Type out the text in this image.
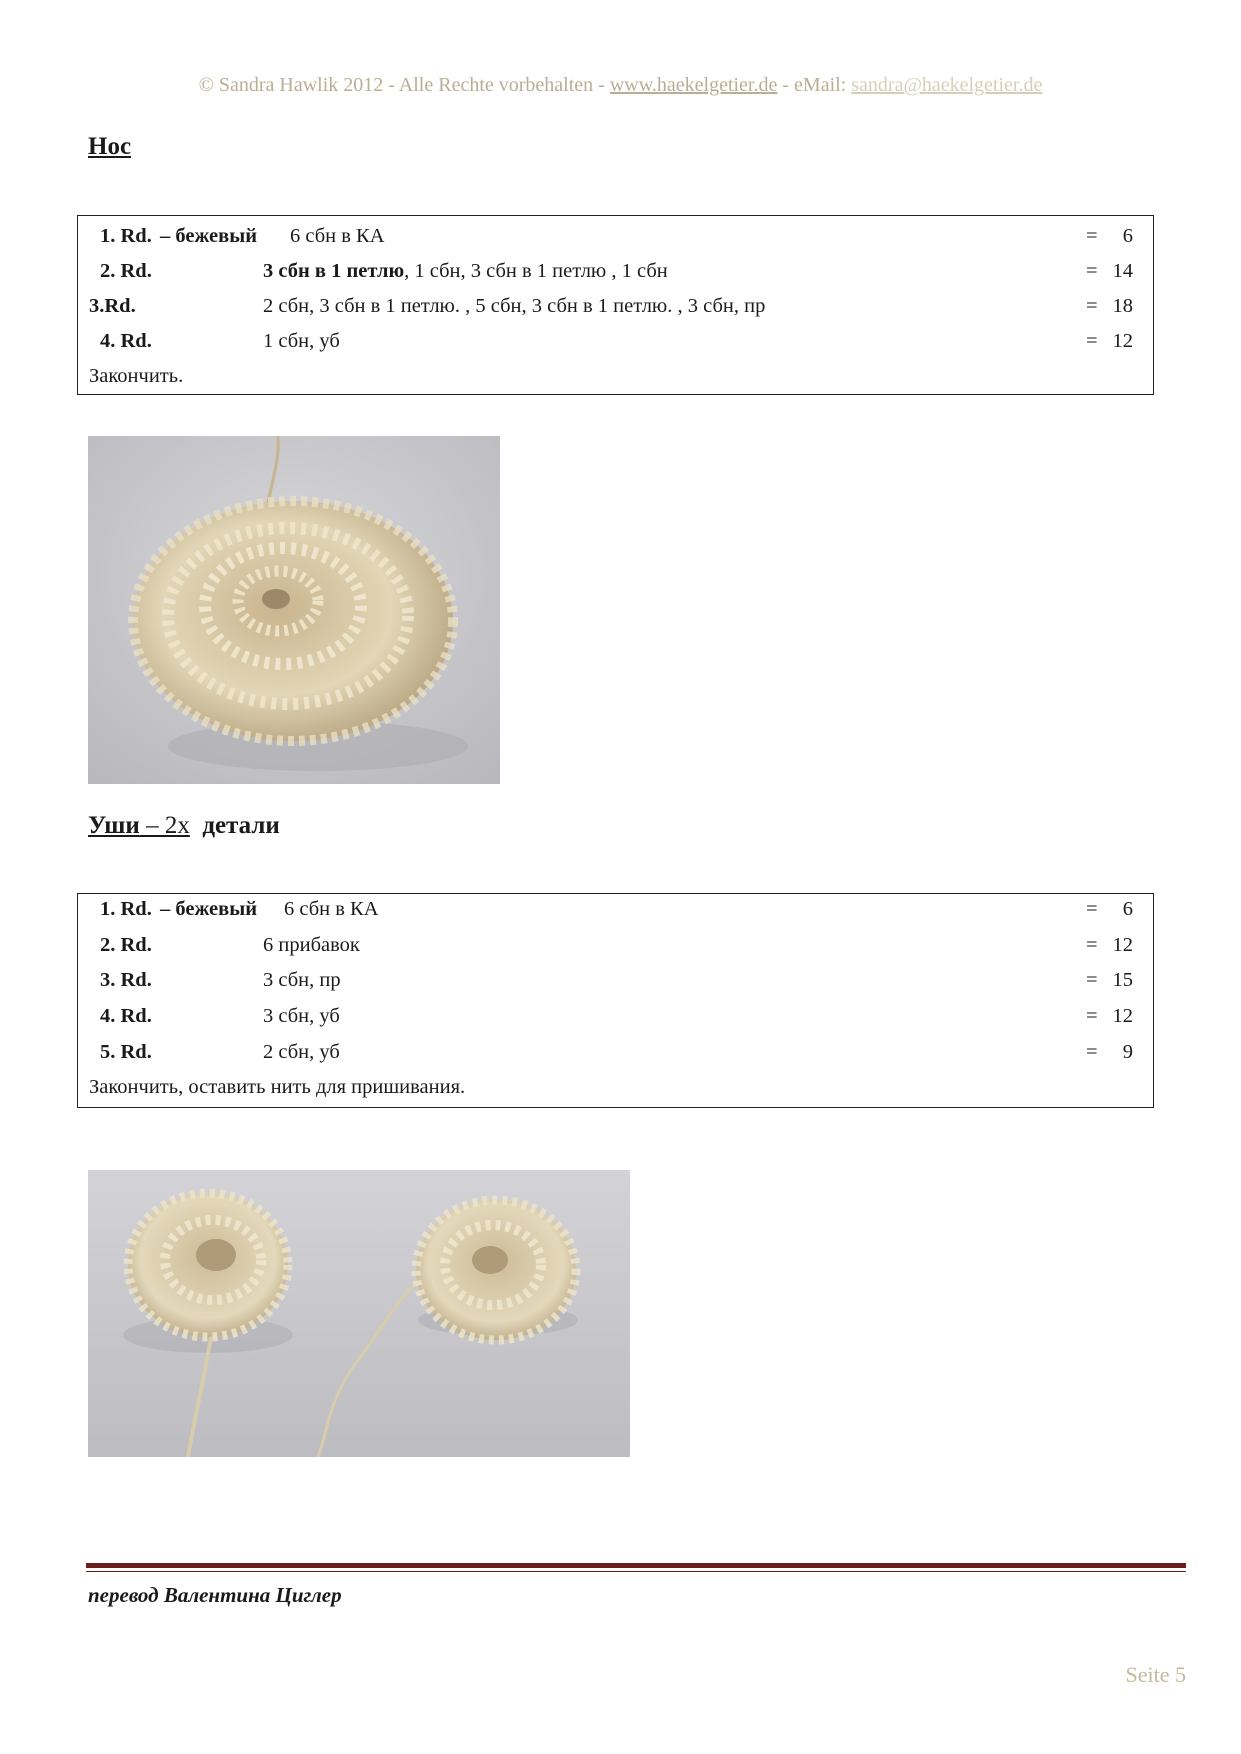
© Sandra Hawlik 2012 - Alle Rechte vorbehalten - www.haekelgetier.de - eMail: sandra@haekelgetier.de
Нос
1. Rd. – бежевый 6 сбн в КА	= 6
2. Rd.	3 сбн в 1 петлю, 1 сбн, 3 сбн в 1 петлю , 1 сбн	= 14
3.Rd.	2 сбн, 3 сбн в 1 петлю. , 5 сбн, 3 сбн в 1 петлю. , 3 сбн, пр	= 18
4. Rd.	1 сбн, уб	= 12
Закончить.
Уши – 2х детали
1. Rd. – бежевый 6 сбн в КА	= 6
2. Rd.	6 прибавок	= 12
3. Rd.	3 сбн, пр	= 15
4. Rd.	3 сбн, уб	= 12
5. Rd.	2 сбн, уб	= 9
Закончить, оставить нить для пришивания.
перевод Валентина Циглер
Seite 5
